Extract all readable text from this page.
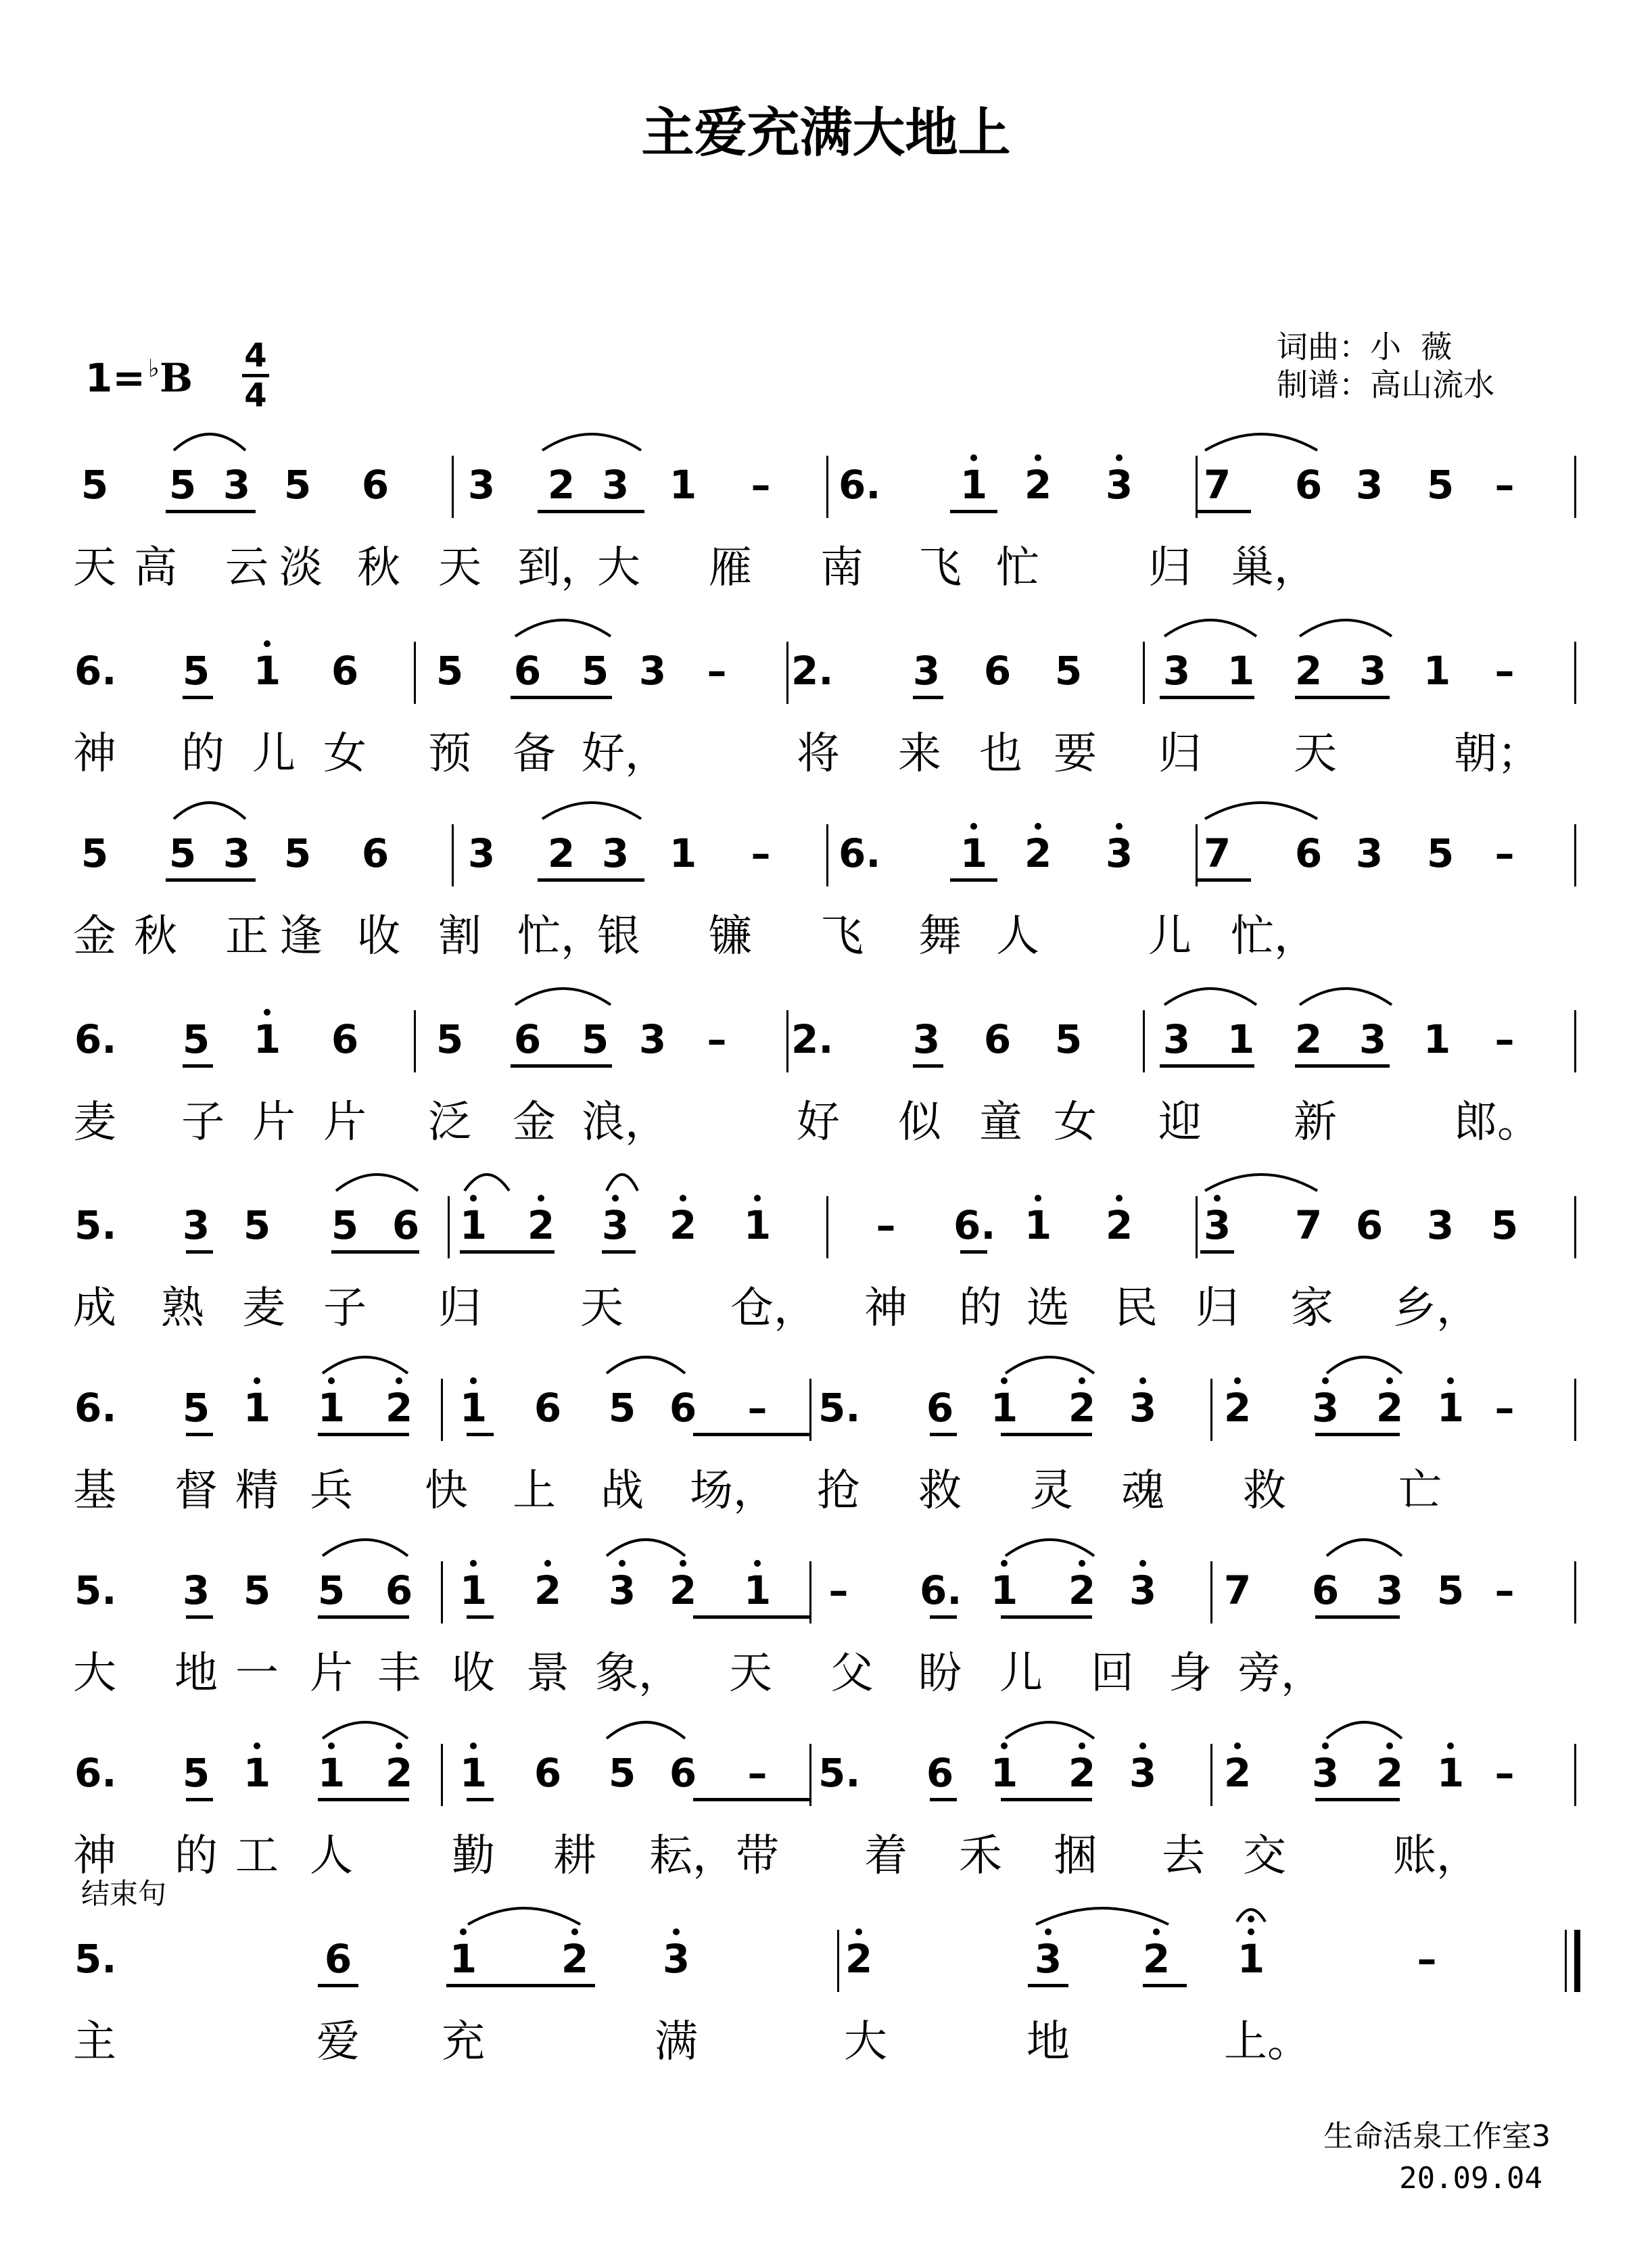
主爱充满大地上
1= ♭B 4
4
词曲：小  薇
制谱：高山流水
结束句
生命活泉工作室3
20.09.04
5 5 3 5 6 3 2 3 1 – 6. 1 2 3 7 6 3 5 –
天 高 云 淡 秋 天 到，
大 雁 南 飞 忙	归 巢，
6. 5 1 6 5 6 5 3 – 2. 3 6 5 3 1 2 3 1 –
神 的 儿 女 预 备 好，	将 来 也 要 归 天	朝；
5 5 3 5 6 3 2 3 1 – 6. 1 2 3 7 6 3 5 –
金 秋 正 逢 收 割 忙，
银 镰 飞 舞 人	儿 忙，
6. 5 1 6 5 6 5 3 – 2. 3 6 5 3 1 2 3 1 –
麦 子 片 片 泛 金 浪，	好 似 童 女 迎 新	郎。
5. 3 5 5 6 1 2 3 2 1	– 6. 1 2 3 7 6 3 5
成 熟 麦 子 归 天 仓， 神 的 选 民 归 家 乡，
6. 5 1 1 2 1 6 5 6 – 5. 6 1 2 3 2 3 2 1 –
基 督 精 兵 快 上 战 场， 抢 救 灵 魂 救	亡
5. 3 5 5 6 1 2 3 2 1 – 6. 1 2 3 7 6 3 5 –
大 地 一 片 丰 收 景 象， 天 父 盼 儿 回 身 旁，
6. 5 1 1 2 1 6 5 6 – 5. 6 1 2 3 2 3 2 1 –
神 的 工 人 勤 耕 耘， 带 着 禾 捆 去 交 账，
5.	6 1 2 3	2	3 2 1	–
主	爱 充	满	大	地	上。
